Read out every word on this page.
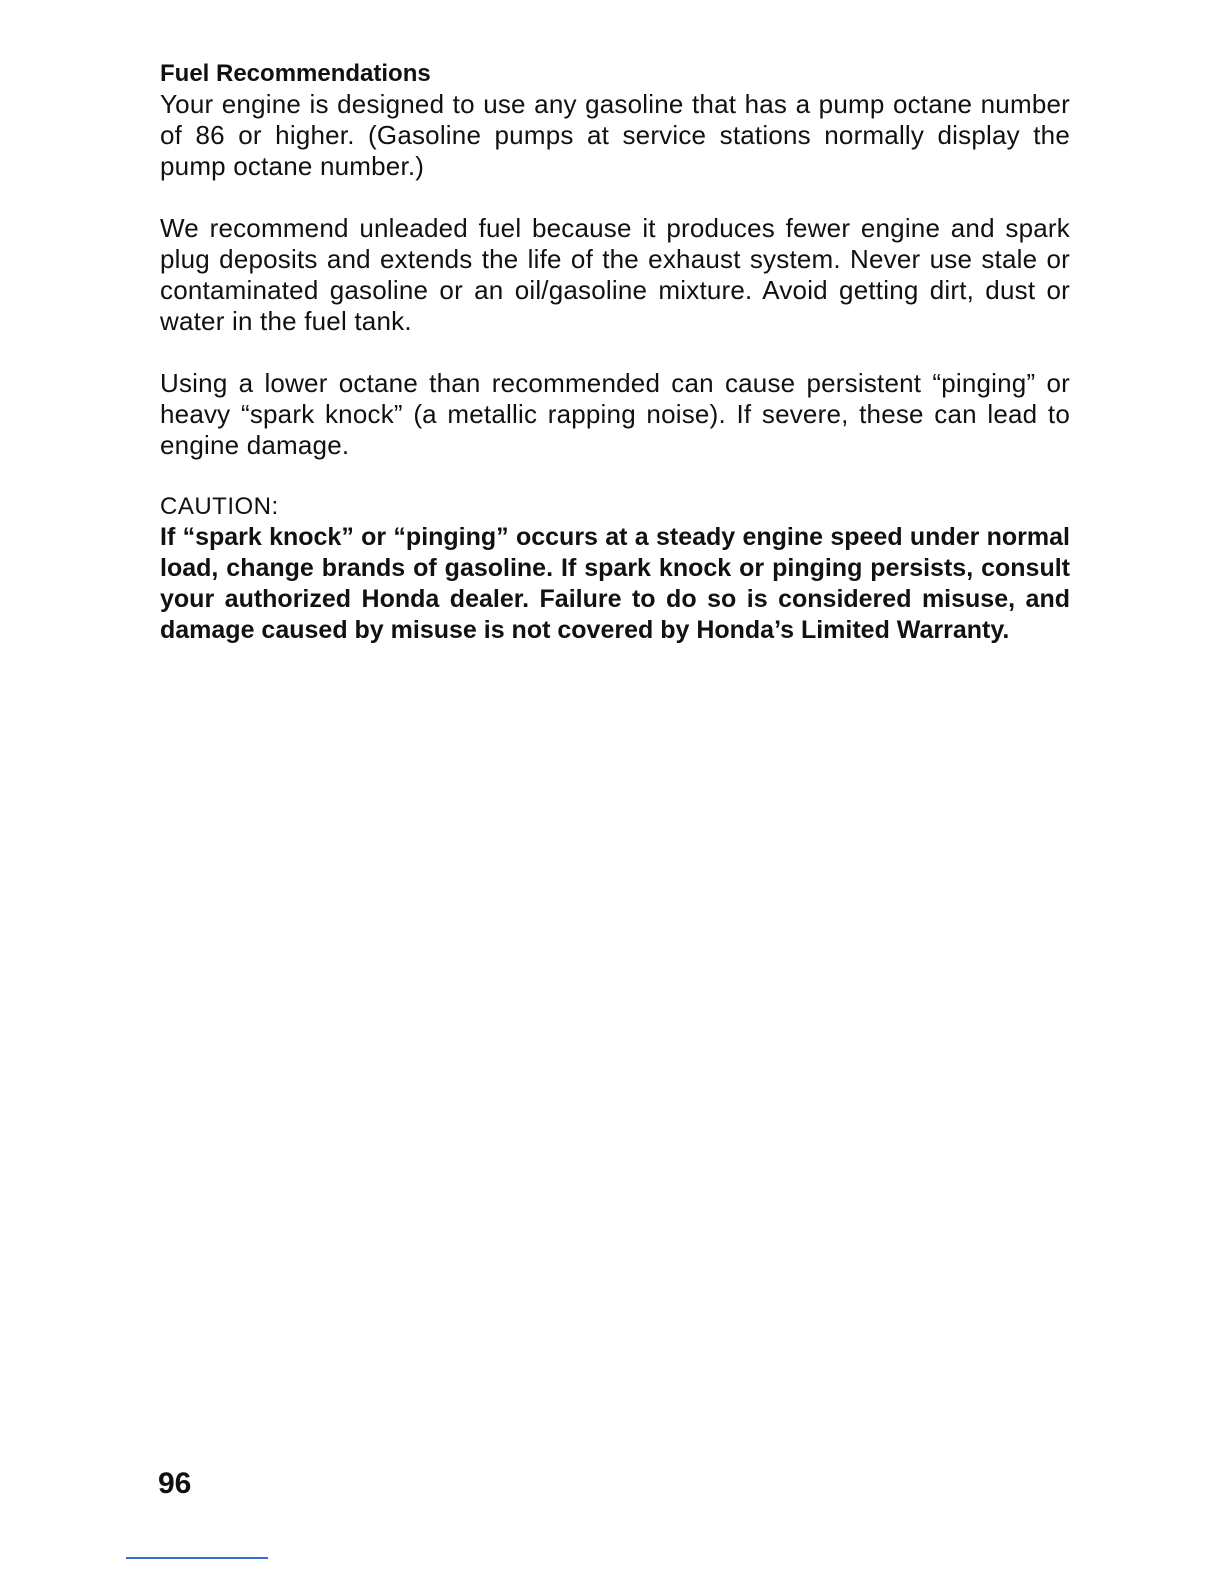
Fuel Recommendations

Your engine is designed to use any gasoline that has a pump octane number of 86 or higher. (Gasoline pumps at service stations normally display the pump octane number.)

We recommend unleaded fuel because it produces fewer engine and spark plug deposits and extends the life of the exhaust system. Never use stale or contaminated gasoline or an oil/gasoline mixture. Avoid getting dirt, dust or water in the fuel tank.

Using a lower octane than recommended can cause persistent “pinging” or heavy “spark knock” (a metallic rapping noise). If severe, these can lead to engine damage.

CAUTION:

If “spark knock” or “pinging” occurs at a steady engine speed under normal load, change brands of gasoline. If spark knock or pinging persists, consult your authorized Honda dealer. Failure to do so is considered misuse, and damage caused by misuse is not covered by Honda’s Limited Warranty.

96
